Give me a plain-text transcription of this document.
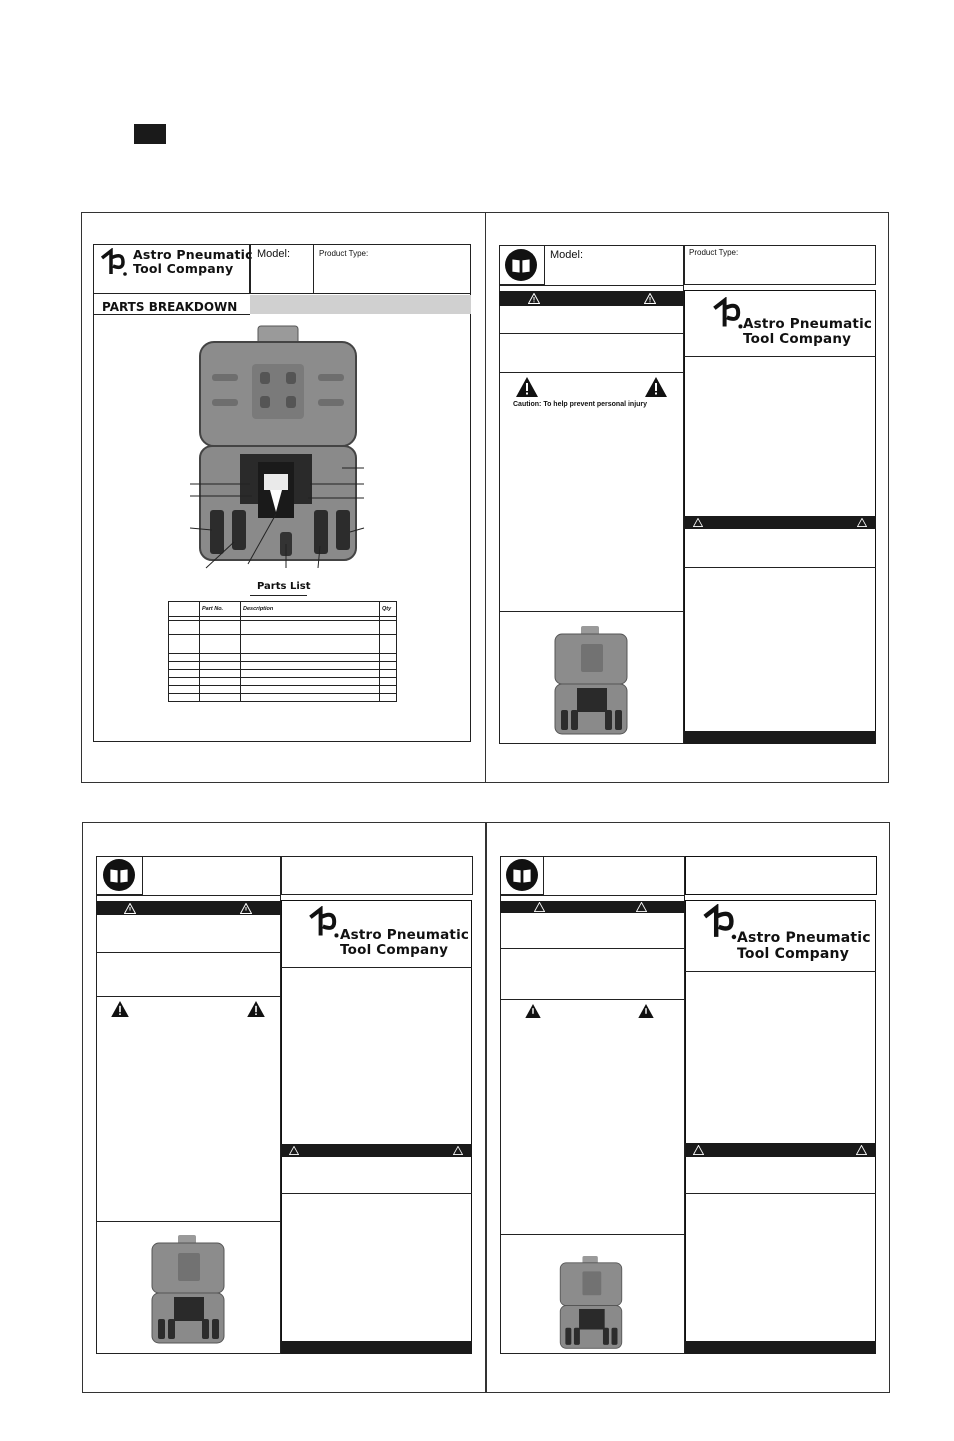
Astro Pneumatic
Tool Company
Model:	Product Type:
PARTS BREAKDOWN
Parts List
	Part No.	Description	Qty

Model:	Product Type:
Caution: To help prevent personal injury
Astro Pneumatic
Tool Company
Astro Pneumatic
Tool Company
Astro Pneumatic
Tool Company
